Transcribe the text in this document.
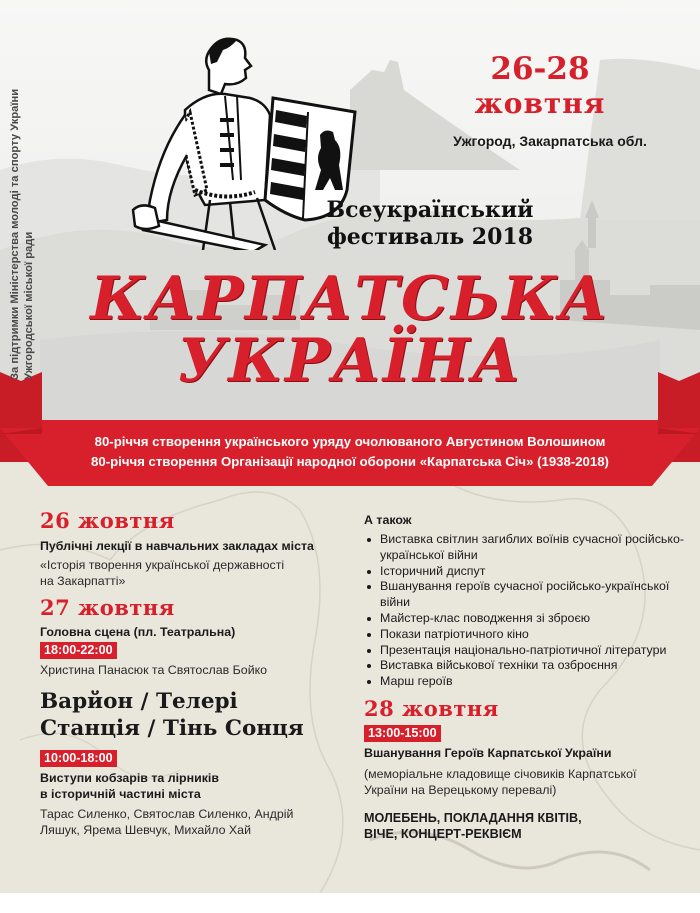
80-річчя створення українського уряду очолюваного Августином Волошином
80-річчя створення Організації народної оборони «Карпатська Січ» (1938-2018)
За підтримки Міністерства молоді та спорту України Ужгородської міської ради
26-28
жовтня
Ужгород, Закарпатська обл.
Всеукраїнський
фестиваль 2018
КАРПАТСЬКА
УКРАЇНА
26 жовтня
Публічні лекції в навчальних закладах міста
«Історія творення української державності
на Закарпатті»
27 жовтня
Головна сцена (пл. Театральна)
18:00-22:00
Христина Панасюк та Святослав Бойко
Варйон / Телері
Станція / Тінь Сонця
10:00-18:00
Виступи кобзарів та лірників
в історичній частині міста
Тарас Силенко, Святослав Силенко, Андрій
Ляшук, Ярема Шевчук, Михайло Хай
А також
Виставка світлин загиблих воїнів сучасної російсько-української війни
Історичний диспут
Вшанування героїв сучасної російсько-української війни
Майстер-клас поводження зі зброєю
Покази патріотичного кіно
Презентація національно-патріотичної літератури
Виставка військової техніки та озброєння
Марш героїв
28 жовтня
13:00-15:00
Вшанування Героїв Карпатської України
(меморіальне кладовище січовиків Карпатської
України на Верецькому перевалі)
МОЛЕБЕНЬ, ПОКЛАДАННЯ КВІТІВ,
ВІЧЕ, КОНЦЕРТ-РЕКВІЄМ
